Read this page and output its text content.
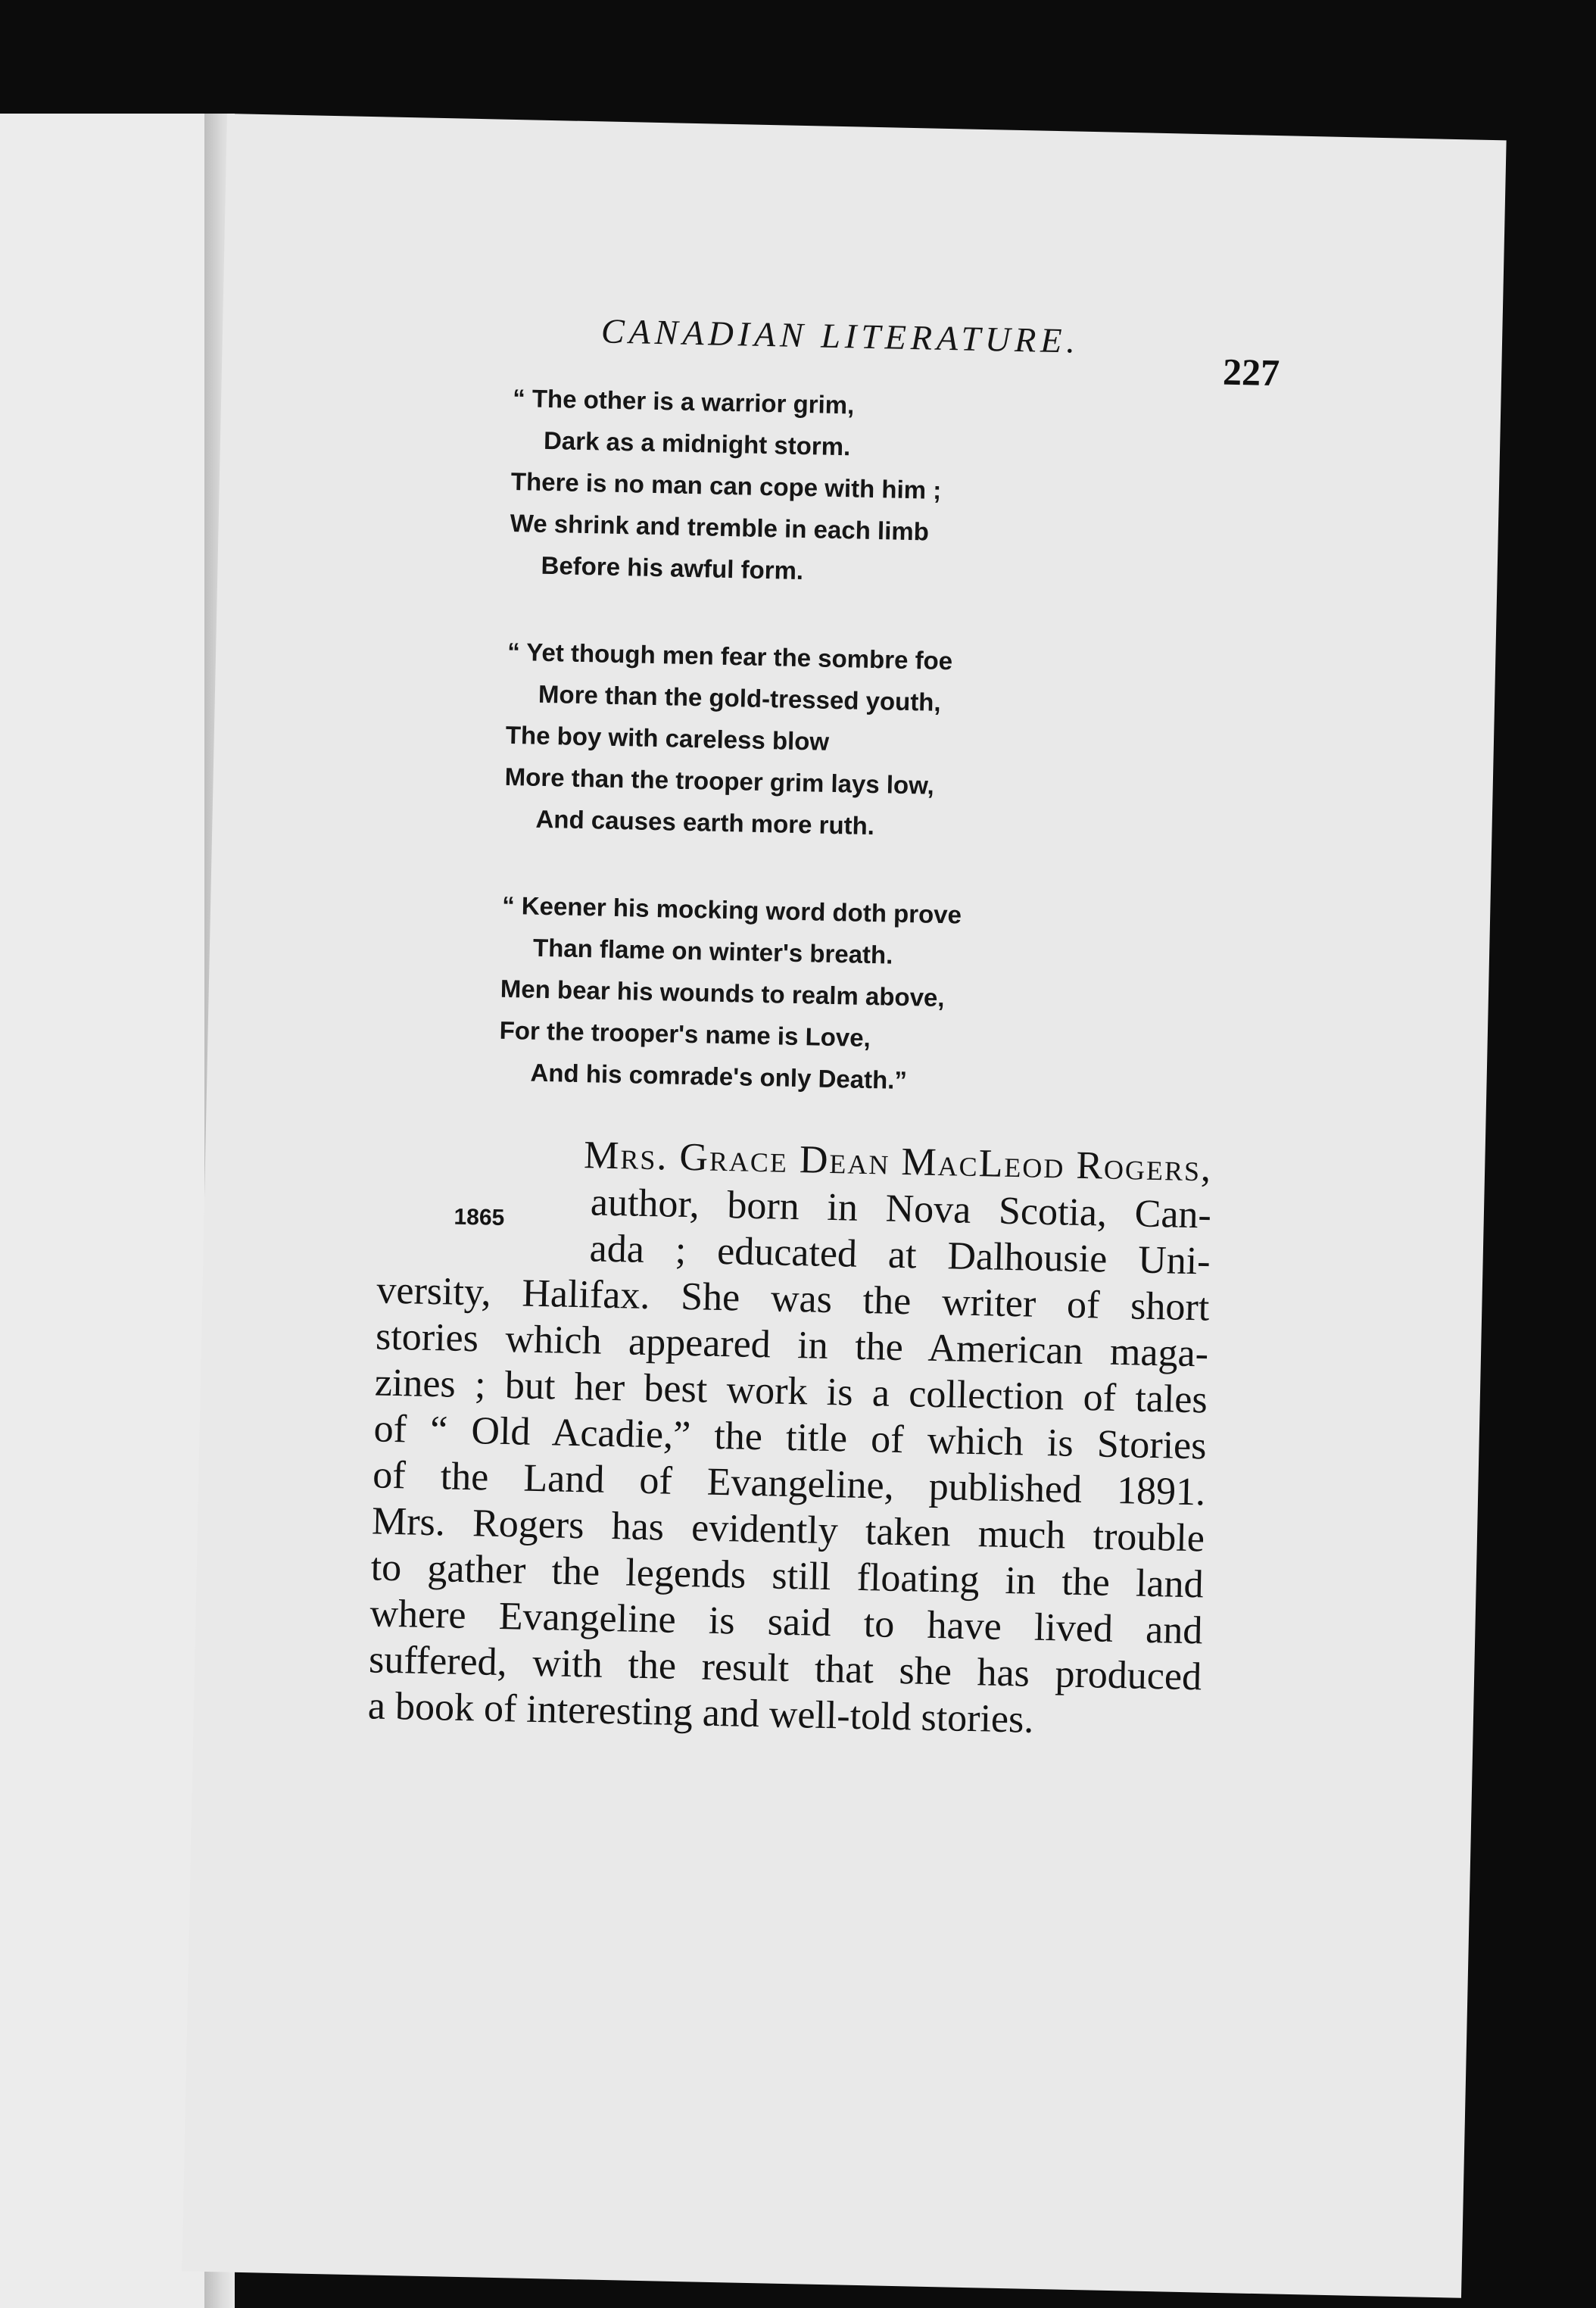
CANADIAN LITERATURE.
227
“ The other is a warrior grim,
Dark as a midnight storm.
There is no man can cope with him ;
We shrink and tremble in each limb
Before his awful form.
“ Yet though men fear the sombre foe
More than the gold-tressed youth,
The boy with careless blow
More than the trooper grim lays low,
And causes earth more ruth.
“ Keener his mocking word doth prove
Than flame on winter's breath.
Men bear his wounds to realm above,
For the trooper's name is Love,
And his comrade's only Death.”
Mrs. Grace Dean MacLeod Rogers,
1865	author, born in Nova Scotia, Can-
ada ; educated at Dalhousie Uni-
versity, Halifax. She was the writer of short
stories which appeared in the American maga-
zines ; but her best work is a collection of tales
of “ Old Acadie,” the title of which is Stories
of the Land of Evangeline, published 1891.
Mrs. Rogers has evidently taken much trouble
to gather the legends still floating in the land
where Evangeline is said to have lived and
suffered, with the result that she has produced
a book of interesting and well-told stories.
